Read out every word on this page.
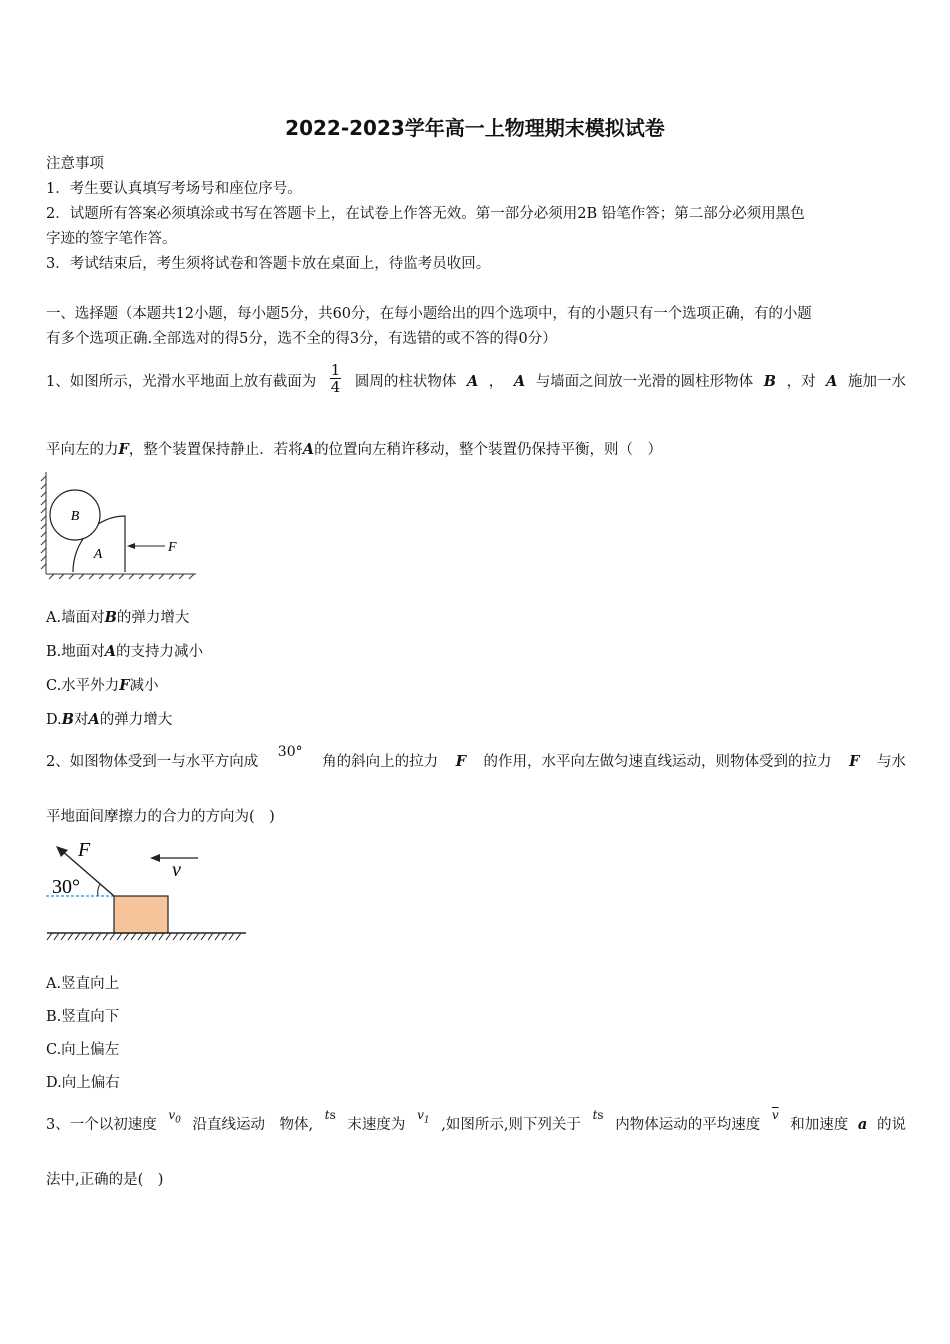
2022-2023学年高一上物理期末模拟试卷
注意事项
1．考生要认真填写考场号和座位序号。
2．试题所有答案必须填涂或书写在答题卡上，在试卷上作答无效。第一部分必须用2B 铅笔作答；第二部分必须用黑色
字迹的签字笔作答。
3．考试结束后，考生须将试卷和答题卡放在桌面上，待监考员收回。
一、选择题（本题共12小题，每小题5分，共60分，在每小题给出的四个选项中，有的小题只有一个选项正确，有的小题
有多个选项正确.全部选对的得5分，选不全的得3分，有选错的或不答的得0分）
1、如图所示，光滑水平地面上放有截面为 $\frac{1}{4}$ 圆周的柱状物体 A ， A 与墙面之间放一光滑的圆柱形物体 B ，对 A 施加一水
平向左的力F，整个装置保持静止．若将A的位置向左稍许移动，整个装置仍保持平衡，则（　）
B
A	F
A.墙面对B的弹力增大
B.地面对A的支持力减小
C.水平外力F减小
D.B对A的弹力增大
2、如图物体受到一与水平方向成
30°
角的斜向上的拉力 F 的作用，水平向左做匀速直线运动，则物体受到的拉力 F 与水
平地面间摩擦力的合力的方向为(　)
F
30°
v
A.竖直向上
B.竖直向下
C.向上偏左
D.向上偏右
3、一个以初速度
$v_0$ 沿直线运动　物体,
ts
末速度为
$v_1$ ,如图所示,则下列关于
ts
内物体运动的平均速度
$\overline{v}$
和加速度 a 的说
法中,正确的是(　)
